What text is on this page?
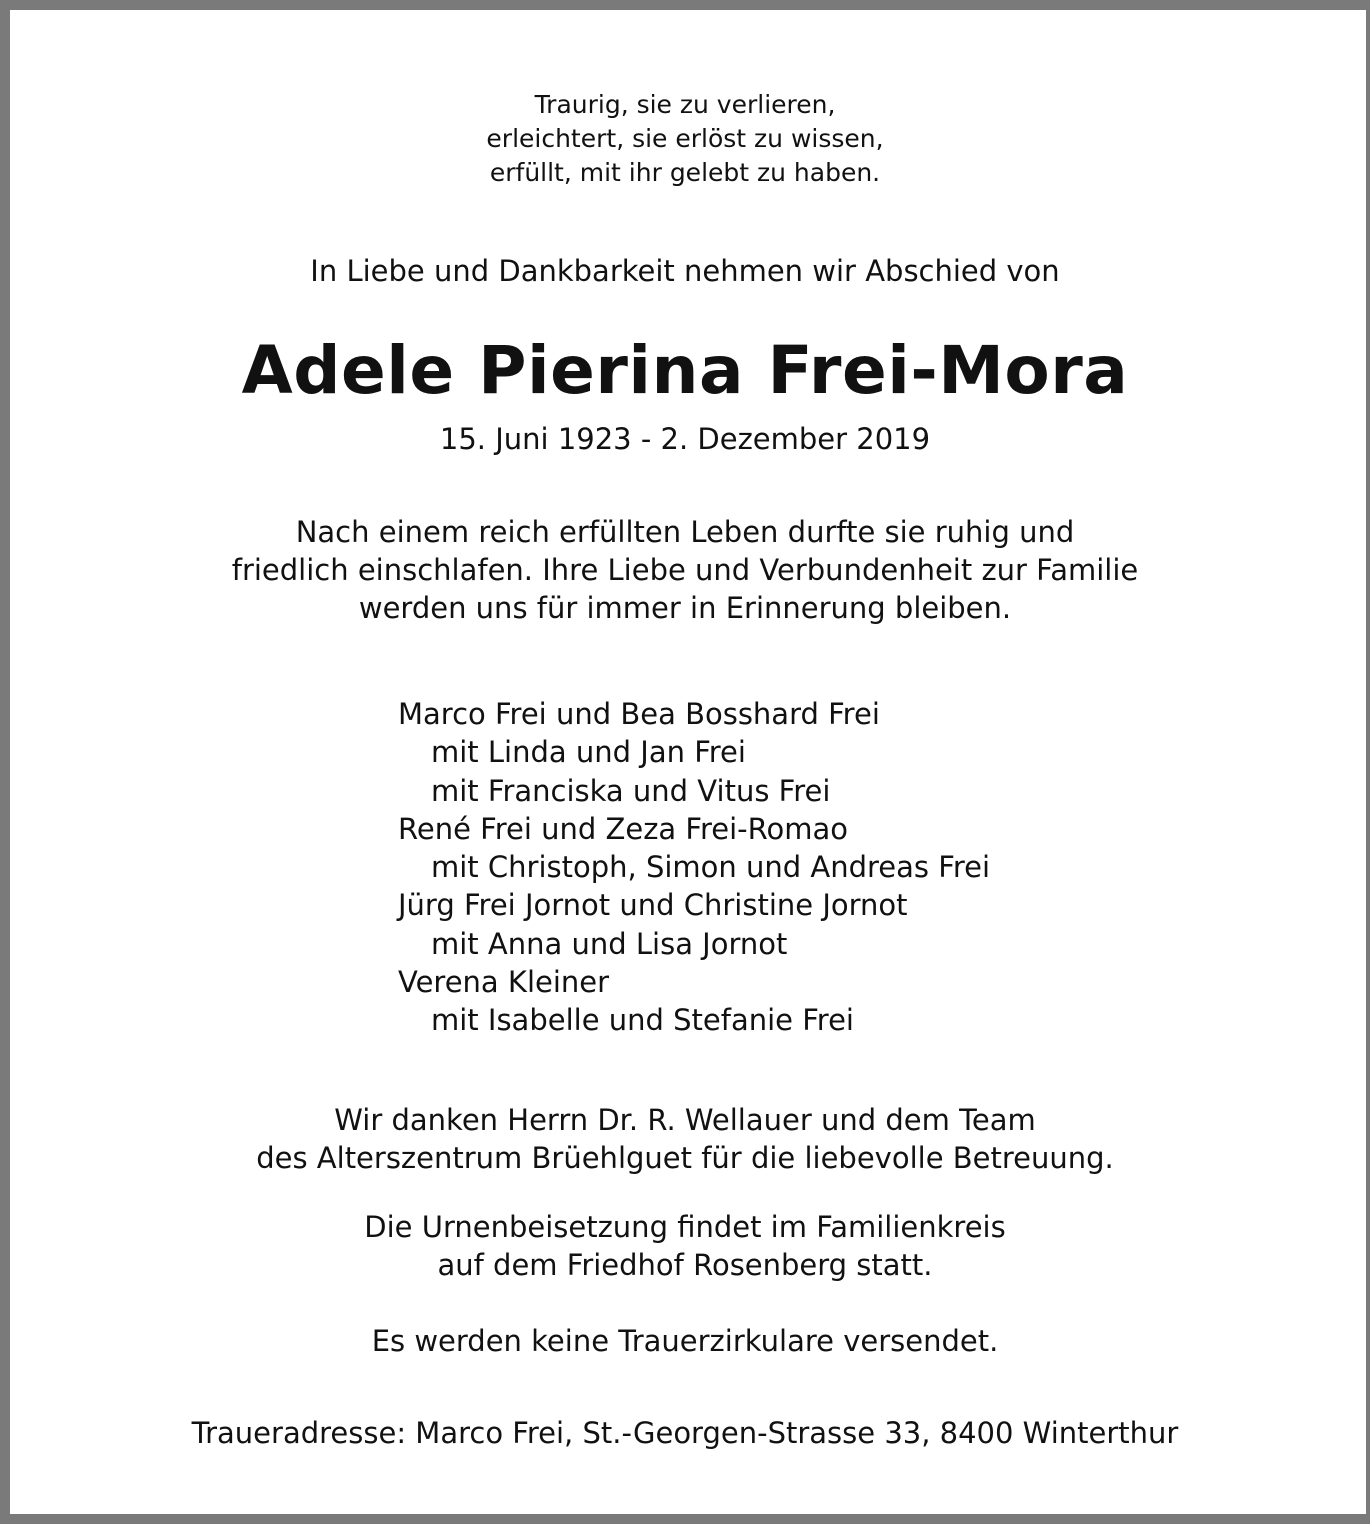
Traurig, sie zu verlieren,
erleichtert, sie erlöst zu wissen,
erfüllt, mit ihr gelebt zu haben.
In Liebe und Dankbarkeit nehmen wir Abschied von
Adele Pierina Frei-Mora
15. Juni 1923 - 2. Dezember 2019
Nach einem reich erfüllten Leben durfte sie ruhig und
friedlich einschlafen. Ihre Liebe und Verbundenheit zur Familie
werden uns für immer in Erinnerung bleiben.
Marco Frei und Bea Bosshard Frei
mit Linda und Jan Frei
mit Franciska und Vitus Frei
René Frei und Zeza Frei-Romao
mit Christoph, Simon und Andreas Frei
Jürg Frei Jornot und Christine Jornot
mit Anna und Lisa Jornot
Verena Kleiner
mit Isabelle und Stefanie Frei
Wir danken Herrn Dr. R. Wellauer und dem Team
des Alterszentrum Brüehlguet für die liebevolle Betreuung.
Die Urnenbeisetzung findet im Familienkreis
auf dem Friedhof Rosenberg statt.
Es werden keine Trauerzirkulare versendet.
Traueradresse: Marco Frei, St.-Georgen-Strasse 33, 8400 Winterthur
